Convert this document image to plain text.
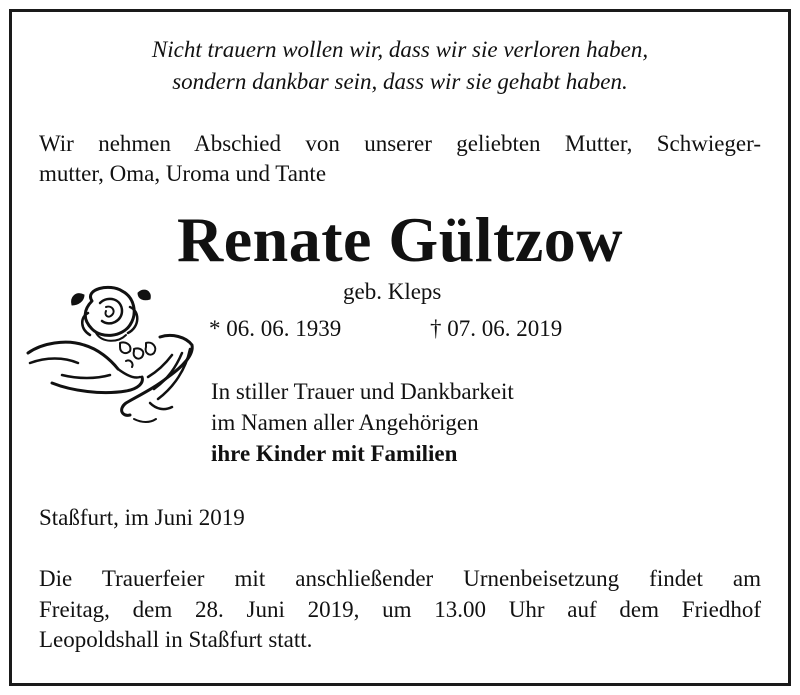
Nicht trauern wollen wir, dass wir sie verloren haben,
sondern dankbar sein, dass wir sie gehabt haben.
Wir nehmen Abschied von unserer geliebten Mutter, Schwieger-
mutter, Oma, Uroma und Tante
Renate Gültzow
geb. Kleps
* 06. 06. 1939	† 07. 06. 2019
In stiller Trauer und Dankbarkeit
im Namen aller Angehörigen
ihre Kinder mit Familien
Staßfurt, im Juni 2019
Die Trauerfeier mit anschließender Urnenbeisetzung findet am
Freitag, dem 28. Juni 2019, um 13.00 Uhr auf dem Friedhof
Leopoldshall in Staßfurt statt.
